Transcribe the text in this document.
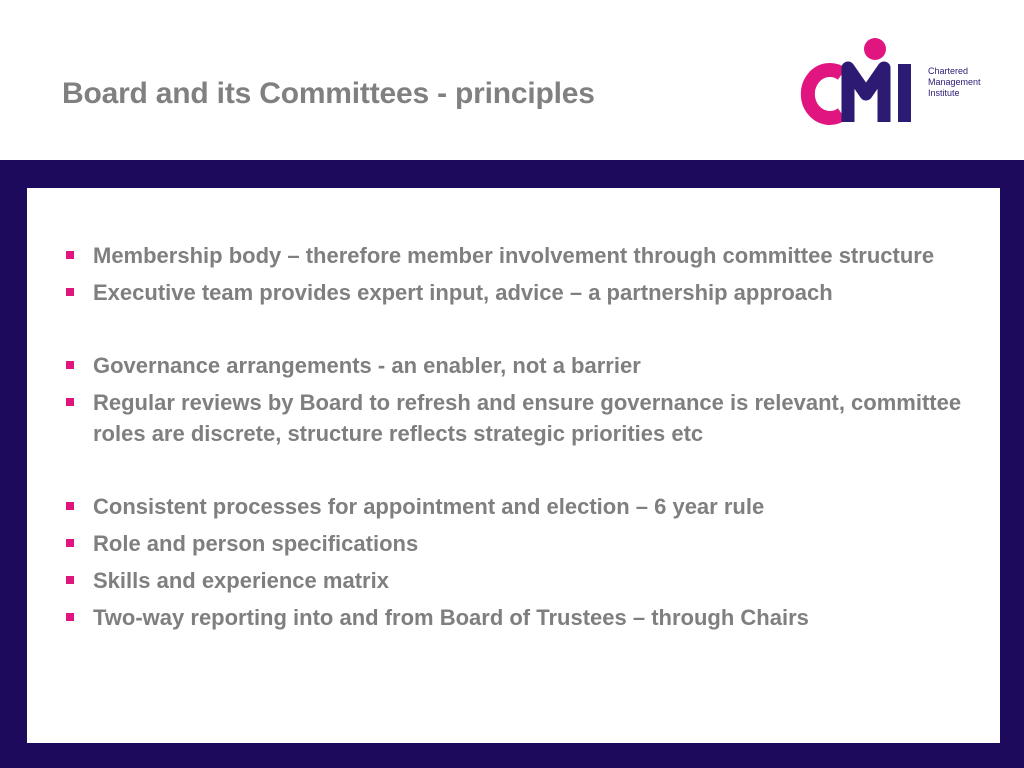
Board and its Committees - principles
Chartered
Management
Institute
Membership body – therefore member involvement through committee structure
Executive team provides expert input, advice – a partnership approach
Governance arrangements - an enabler, not a barrier
Regular reviews by Board to refresh and ensure governance is relevant, committee roles are discrete, structure reflects strategic priorities etc
Consistent processes for appointment and election – 6 year rule
Role and person specifications
Skills and experience matrix
Two-way reporting into and from Board of Trustees – through Chairs
